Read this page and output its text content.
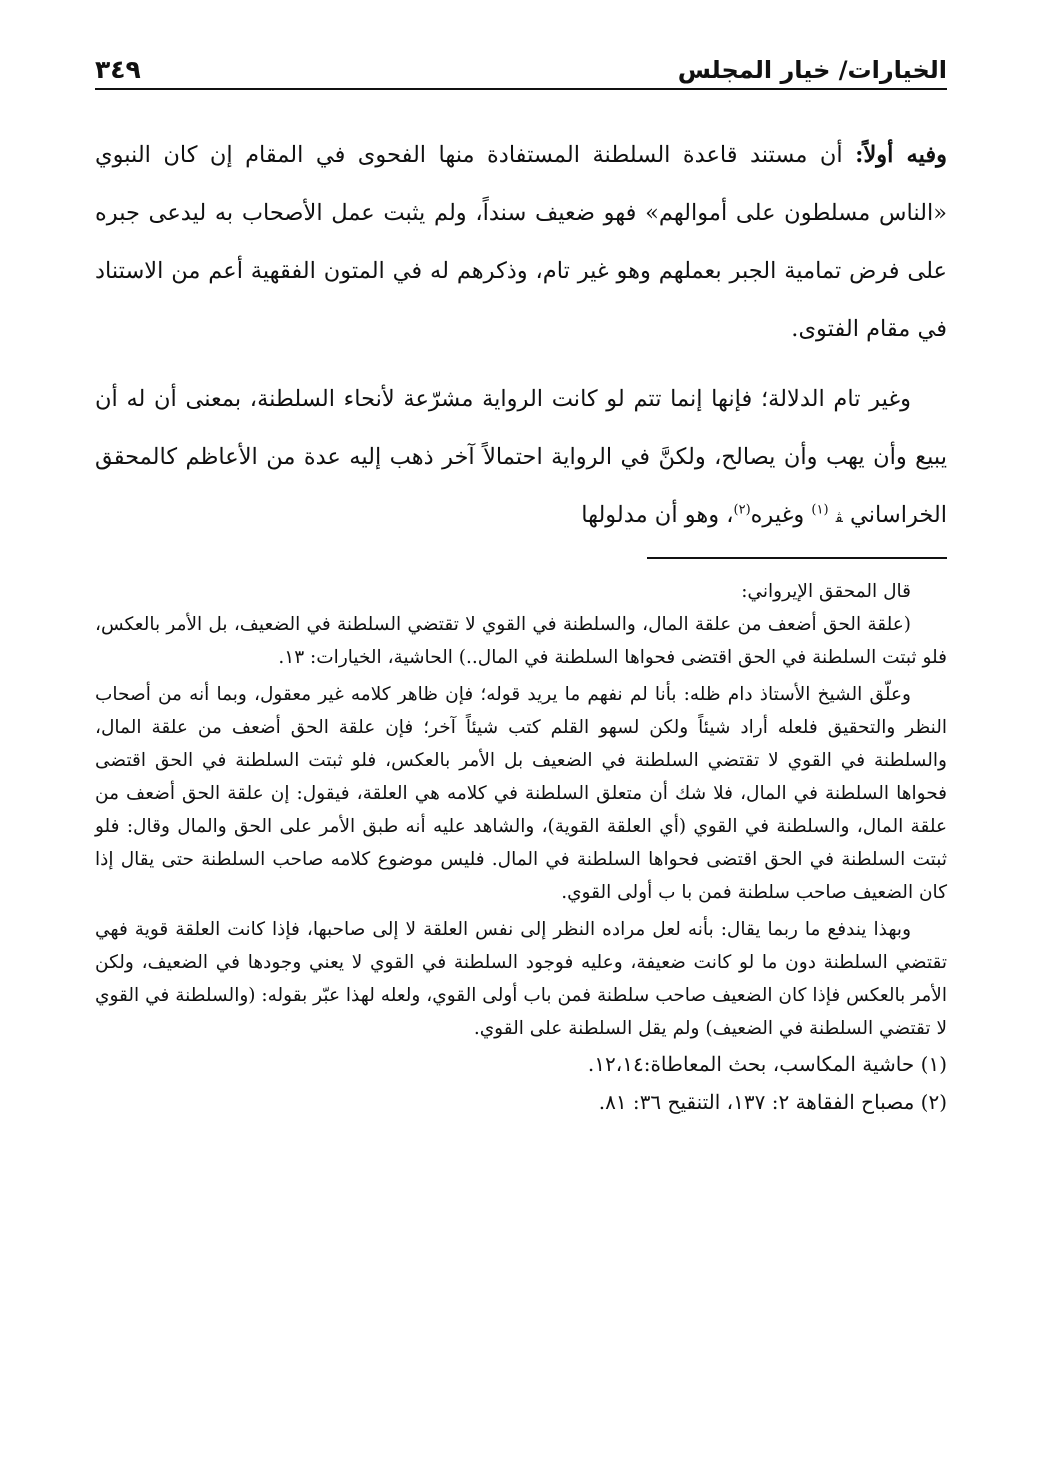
الخيارات/ خيار المجلس
٣٤٩

وفيه أولاً: أن مستند قاعدة السلطنة المستفادة منها الفحوى في المقام إن كان النبوي «الناس مسلطون على أموالهم» فهو ضعيف سنداً، ولم يثبت عمل الأصحاب به ليدعى جبره على فرض تمامية الجبر بعملهم وهو غير تام، وذكرهم له في المتون الفقهية أعم من الاستناد في مقام الفتوى.

وغير تام الدلالة؛ فإنها إنما تتم لو كانت الرواية مشرّعة لأنحاء السلطنة، بمعنى أن له أن يبيع وأن يهب وأن يصالح، ولكنَّ في الرواية احتمالاً آخر ذهب إليه عدة من الأعاظم كالمحقق الخراساني ﭭ $^{(١)}$ وغيره$^{(٢)}$، وهو أن مدلولها

قال المحقق الإيرواني:

(علقة الحق أضعف من علقة المال، والسلطنة في القوي لا تقتضي السلطنة في الضعيف، بل الأمر بالعكس، فلو ثبتت السلطنة في الحق اقتضى فحواها السلطنة في المال..) الحاشية، الخيارات: ١٣.

وعلّق الشيخ الأستاذ دام ظله: بأنا لم نفهم ما يريد قوله؛ فإن ظاهر كلامه غير معقول، وبما أنه من أصحاب النظر والتحقيق فلعله أراد شيئاً ولكن لسهو القلم كتب شيئاً آخر؛ فإن علقة الحق أضعف من علقة المال، والسلطنة في القوي لا تقتضي السلطنة في الضعيف بل الأمر بالعكس، فلو ثبتت السلطنة في الحق اقتضى فحواها السلطنة في المال، فلا شك أن متعلق السلطنة في كلامه هي العلقة، فيقول: إن علقة الحق أضعف من علقة المال، والسلطنة في القوي (أي العلقة القوية)، والشاهد عليه أنه طبق الأمر على الحق والمال وقال: فلو ثبتت السلطنة في الحق اقتضى فحواها السلطنة في المال. فليس موضوع كلامه صاحب السلطنة حتى يقال إذا كان الضعيف صاحب سلطنة فمن با ب أولى القوي.

وبهذا يندفع ما ربما يقال: بأنه لعل مراده النظر إلى نفس العلقة لا إلى صاحبها، فإذا كانت العلقة قوية فهي تقتضي السلطنة دون ما لو كانت ضعيفة، وعليه فوجود السلطنة في القوي لا يعني وجودها في الضعيف، ولكن الأمر بالعكس فإذا كان الضعيف صاحب سلطنة فمن باب أولى القوي، ولعله لهذا عبّر بقوله: (والسلطنة في القوي لا تقتضي السلطنة في الضعيف) ولم يقل السلطنة على القوي.

(١) حاشية المكاسب، بحث المعاطاة:١٢،١٤.

(٢) مصباح الفقاهة ٢: ١٣٧، التنقيح ٣٦: ٨١.
